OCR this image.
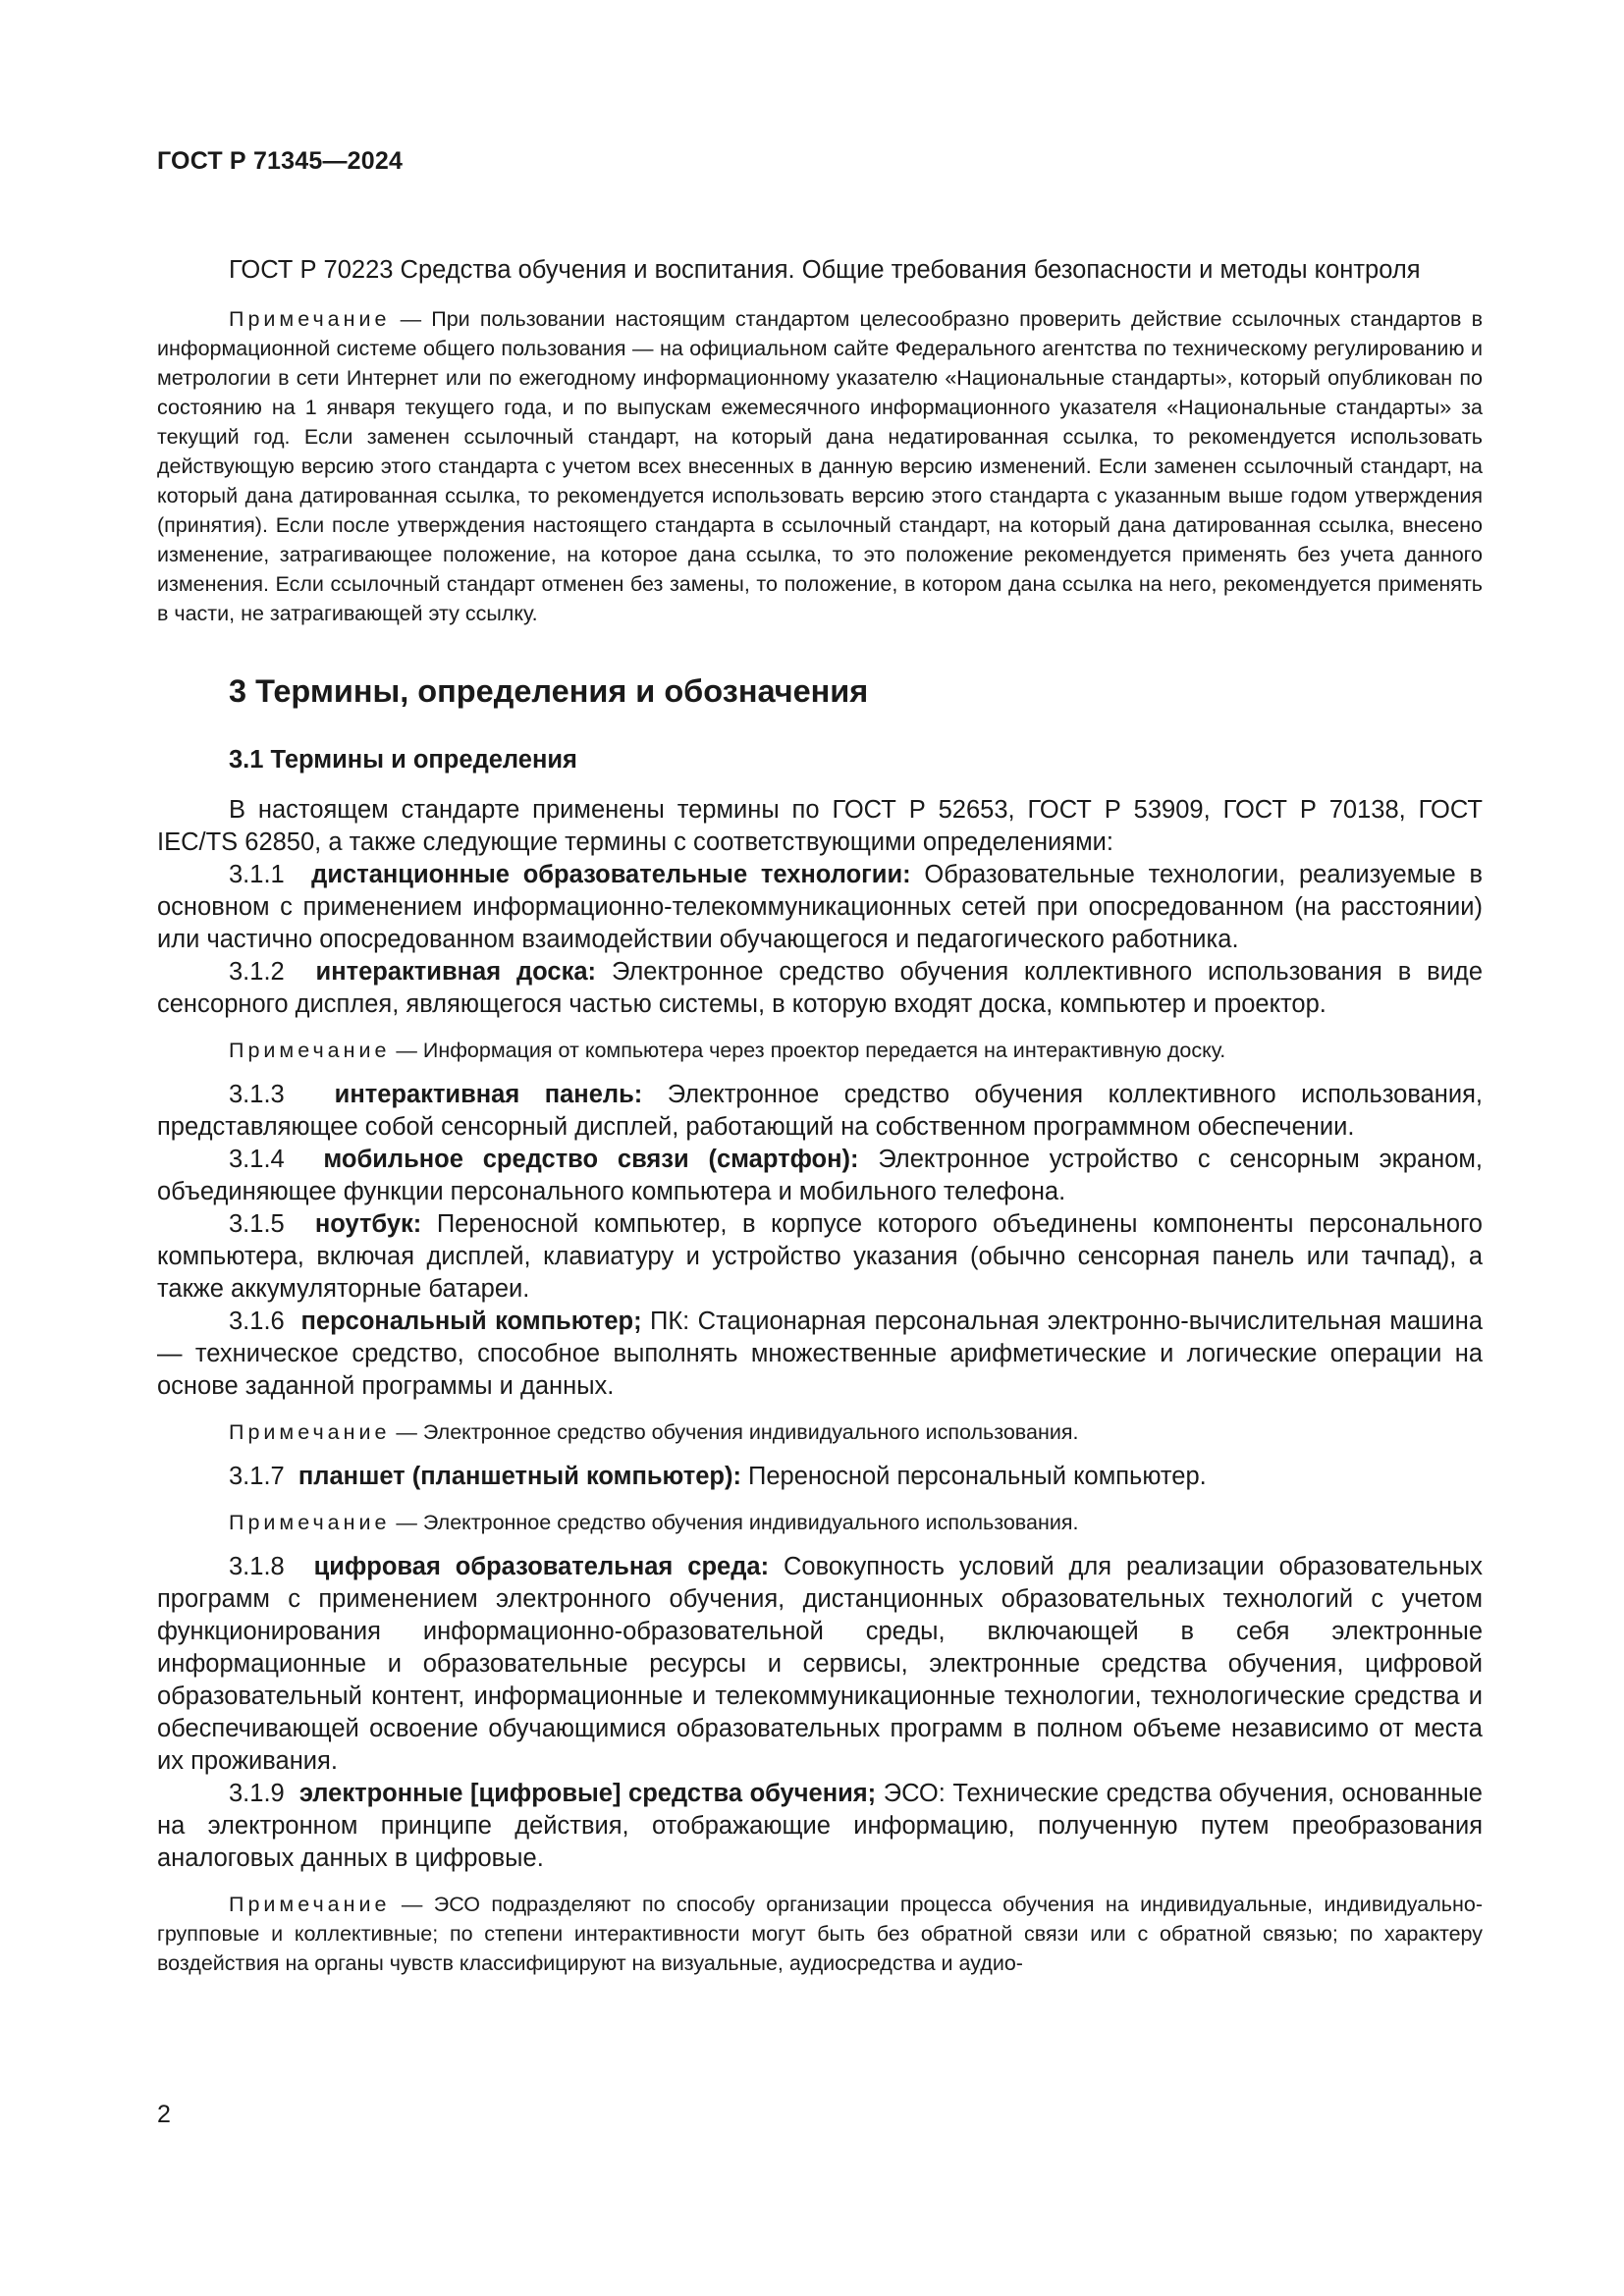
ГОСТ Р 71345—2024

ГОСТ Р 70223 Средства обучения и воспитания. Общие требования безопасности и методы контроля

Примечание — При пользовании настоящим стандартом целесообразно проверить действие ссылочных стандартов в информационной системе общего пользования — на официальном сайте Федерального агентства по техническому регулированию и метрологии в сети Интернет или по ежегодному информационному указателю «Национальные стандарты», который опубликован по состоянию на 1 января текущего года, и по выпускам ежемесячного информационного указателя «Национальные стандарты» за текущий год. Если заменен ссылочный стандарт, на который дана недатированная ссылка, то рекомендуется использовать действующую версию этого стандарта с учетом всех внесенных в данную версию изменений. Если заменен ссылочный стандарт, на который дана датированная ссылка, то рекомендуется использовать версию этого стандарта с указанным выше годом утверждения (принятия). Если после утверждения настоящего стандарта в ссылочный стандарт, на который дана датированная ссылка, внесено изменение, затрагивающее положение, на которое дана ссылка, то это положение рекомендуется применять без учета данного изменения. Если ссылочный стандарт отменен без замены, то положение, в котором дана ссылка на него, рекомендуется применять в части, не затрагивающей эту ссылку.

3 Термины, определения и обозначения
3.1 Термины и определения

В настоящем стандарте применены термины по ГОСТ Р 52653, ГОСТ Р 53909, ГОСТ Р 70138, ГОСТ IEC/TS 62850, а также следующие термины с соответствующими определениями:

3.1.1 дистанционные образовательные технологии: Образовательные технологии, реализуемые в основном с применением информационно-телекоммуникационных сетей при опосредованном (на расстоянии) или частично опосредованном взаимодействии обучающегося и педагогического работника.

3.1.2 интерактивная доска: Электронное средство обучения коллективного использования в виде сенсорного дисплея, являющегося частью системы, в которую входят доска, компьютер и проектор.

Примечание — Информация от компьютера через проектор передается на интерактивную доску.

3.1.3 интерактивная панель: Электронное средство обучения коллективного использования, представляющее собой сенсорный дисплей, работающий на собственном программном обеспечении.

3.1.4 мобильное средство связи (смартфон): Электронное устройство с сенсорным экраном, объединяющее функции персонального компьютера и мобильного телефона.

3.1.5 ноутбук: Переносной компьютер, в корпусе которого объединены компоненты персонального компьютера, включая дисплей, клавиатуру и устройство указания (обычно сенсорная панель или тачпад), а также аккумуляторные батареи.

3.1.6 персональный компьютер; ПК: Стационарная персональная электронно-вычислительная машина — техническое средство, способное выполнять множественные арифметические и логические операции на основе заданной программы и данных.

Примечание — Электронное средство обучения индивидуального использования.

3.1.7 планшет (планшетный компьютер): Переносной персональный компьютер.

Примечание — Электронное средство обучения индивидуального использования.

3.1.8 цифровая образовательная среда: Совокупность условий для реализации образовательных программ с применением электронного обучения, дистанционных образовательных технологий с учетом функционирования информационно-образовательной среды, включающей в себя электронные информационные и образовательные ресурсы и сервисы, электронные средства обучения, цифровой образовательный контент, информационные и телекоммуникационные технологии, технологические средства и обеспечивающей освоение обучающимися образовательных программ в полном объеме независимо от места их проживания.

3.1.9 электронные [цифровые] средства обучения; ЭСО: Технические средства обучения, основанные на электронном принципе действия, отображающие информацию, полученную путем преобразования аналоговых данных в цифровые.

Примечание — ЭСО подразделяют по способу организации процесса обучения на индивидуальные, индивидуально-групповые и коллективные; по степени интерактивности могут быть без обратной связи или с обратной связью; по характеру воздействия на органы чувств классифицируют на визуальные, аудиосредства и аудио-

2
